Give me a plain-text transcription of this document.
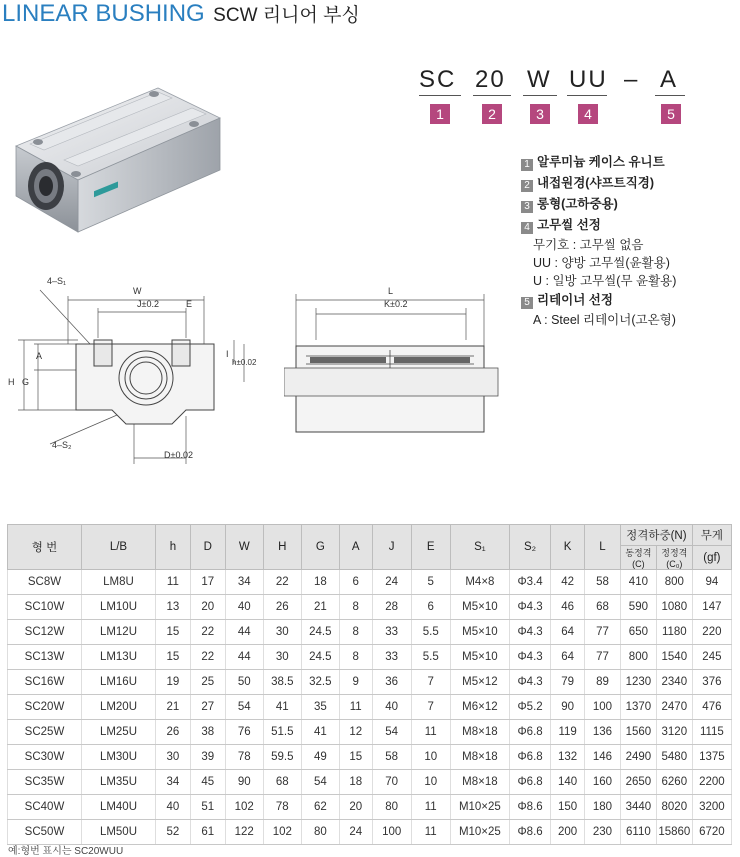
LINEAR BUSHING SCW 리니어 부싱
SC 20 W UU – A
1	2	3	4	5
1 알루미늄 케이스 유니트
2 내접원경(샤프트직경)
3 롱형(고하중용)
4 고무씰 선정
무기호 : 고무씰 없음
UU : 양방 고무씰(윤활용)
U : 일방 고무씰(무 윤활용)
5 리테이너 선정
A : Steel 리테이너(고온형)
4–S₁
W
J±0.2	E
A
H G
I
h±0.02
4–S₂
D±0.02
L
K±0.2
형 번	L/B	h	D	W	H	G	A	J	E	S₁	S₂	K	L	정격하중(N)		무게
														동정격(C)	정정격(C₀)	(gf)
SC8W	LM8U	11	17	34	22	18	6	24	5	M4×8	Φ3.4	42	58	410	800	94
SC10W	LM10U	13	20	40	26	21	8	28	6	M5×10	Φ4.3	46	68	590	1080	147
SC12W	LM12U	15	22	44	30	24.5	8	33	5.5	M5×10	Φ4.3	64	77	650	1180	220
SC13W	LM13U	15	22	44	30	24.5	8	33	5.5	M5×10	Φ4.3	64	77	800	1540	245
SC16W	LM16U	19	25	50	38.5	32.5	9	36	7	M5×12	Φ4.3	79	89	1230	2340	376
SC20W	LM20U	21	27	54	41	35	11	40	7	M6×12	Φ5.2	90	100	1370	2470	476
SC25W	LM25U	26	38	76	51.5	41	12	54	11	M8×18	Φ6.8	119	136	1560	3120	1115
SC30W	LM30U	30	39	78	59.5	49	15	58	10	M8×18	Φ6.8	132	146	2490	5480	1375
SC35W	LM35U	34	45	90	68	54	18	70	10	M8×18	Φ6.8	140	160	2650	6260	2200
SC40W	LM40U	40	51	102	78	62	20	80	11	M10×25	Φ8.6	150	180	3440	8020	3200
SC50W	LM50U	52	61	122	102	80	24	100	11	M10×25	Φ8.6	200	230	6110	15860	6720
예:형번 표시는 SC20WUU
